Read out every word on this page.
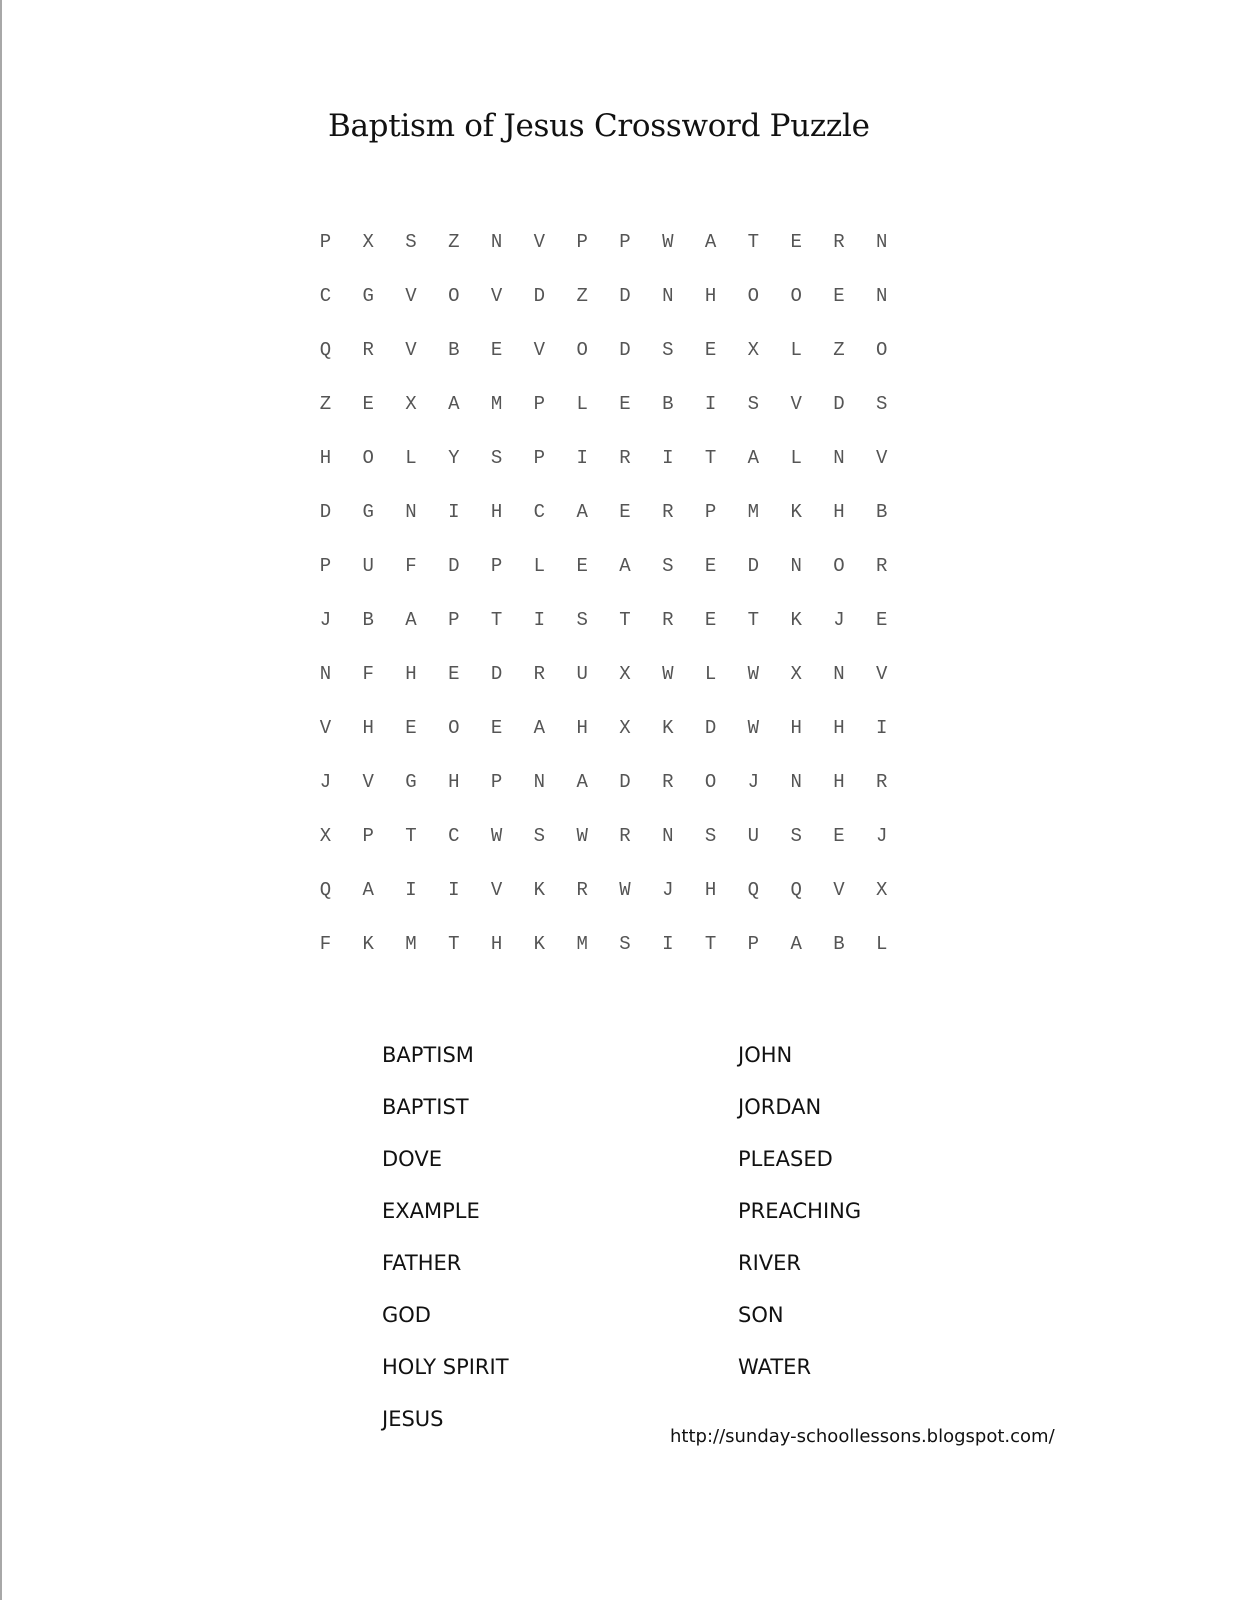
Baptism of Jesus Crossword Puzzle
P	X	S	Z	N	V	P	P	W	A	T	E	R	N
C	G	V	O	V	D	Z	D	N	H	O	O	E	N
Q	R	V	B	E	V	O	D	S	E	X	L	Z	O
Z	E	X	A	M	P	L	E	B	I	S	V	D	S
H	O	L	Y	S	P	I	R	I	T	A	L	N	V
D	G	N	I	H	C	A	E	R	P	M	K	H	B
P	U	F	D	P	L	E	A	S	E	D	N	O	R
J	B	A	P	T	I	S	T	R	E	T	K	J	E
N	F	H	E	D	R	U	X	W	L	W	X	N	V
V	H	E	O	E	A	H	X	K	D	W	H	H	I
J	V	G	H	P	N	A	D	R	O	J	N	H	R
X	P	T	C	W	S	W	R	N	S	U	S	E	J
Q	A	I	I	V	K	R	W	J	H	Q	Q	V	X
F	K	M	T	H	K	M	S	I	T	P	A	B	L
BAPTISM
BAPTIST
DOVE
EXAMPLE
FATHER
GOD
HOLY SPIRIT
JESUS
JOHN
JORDAN
PLEASED
PREACHING
RIVER
SON
WATER
http://sunday-schoollessons.blogspot.com/
